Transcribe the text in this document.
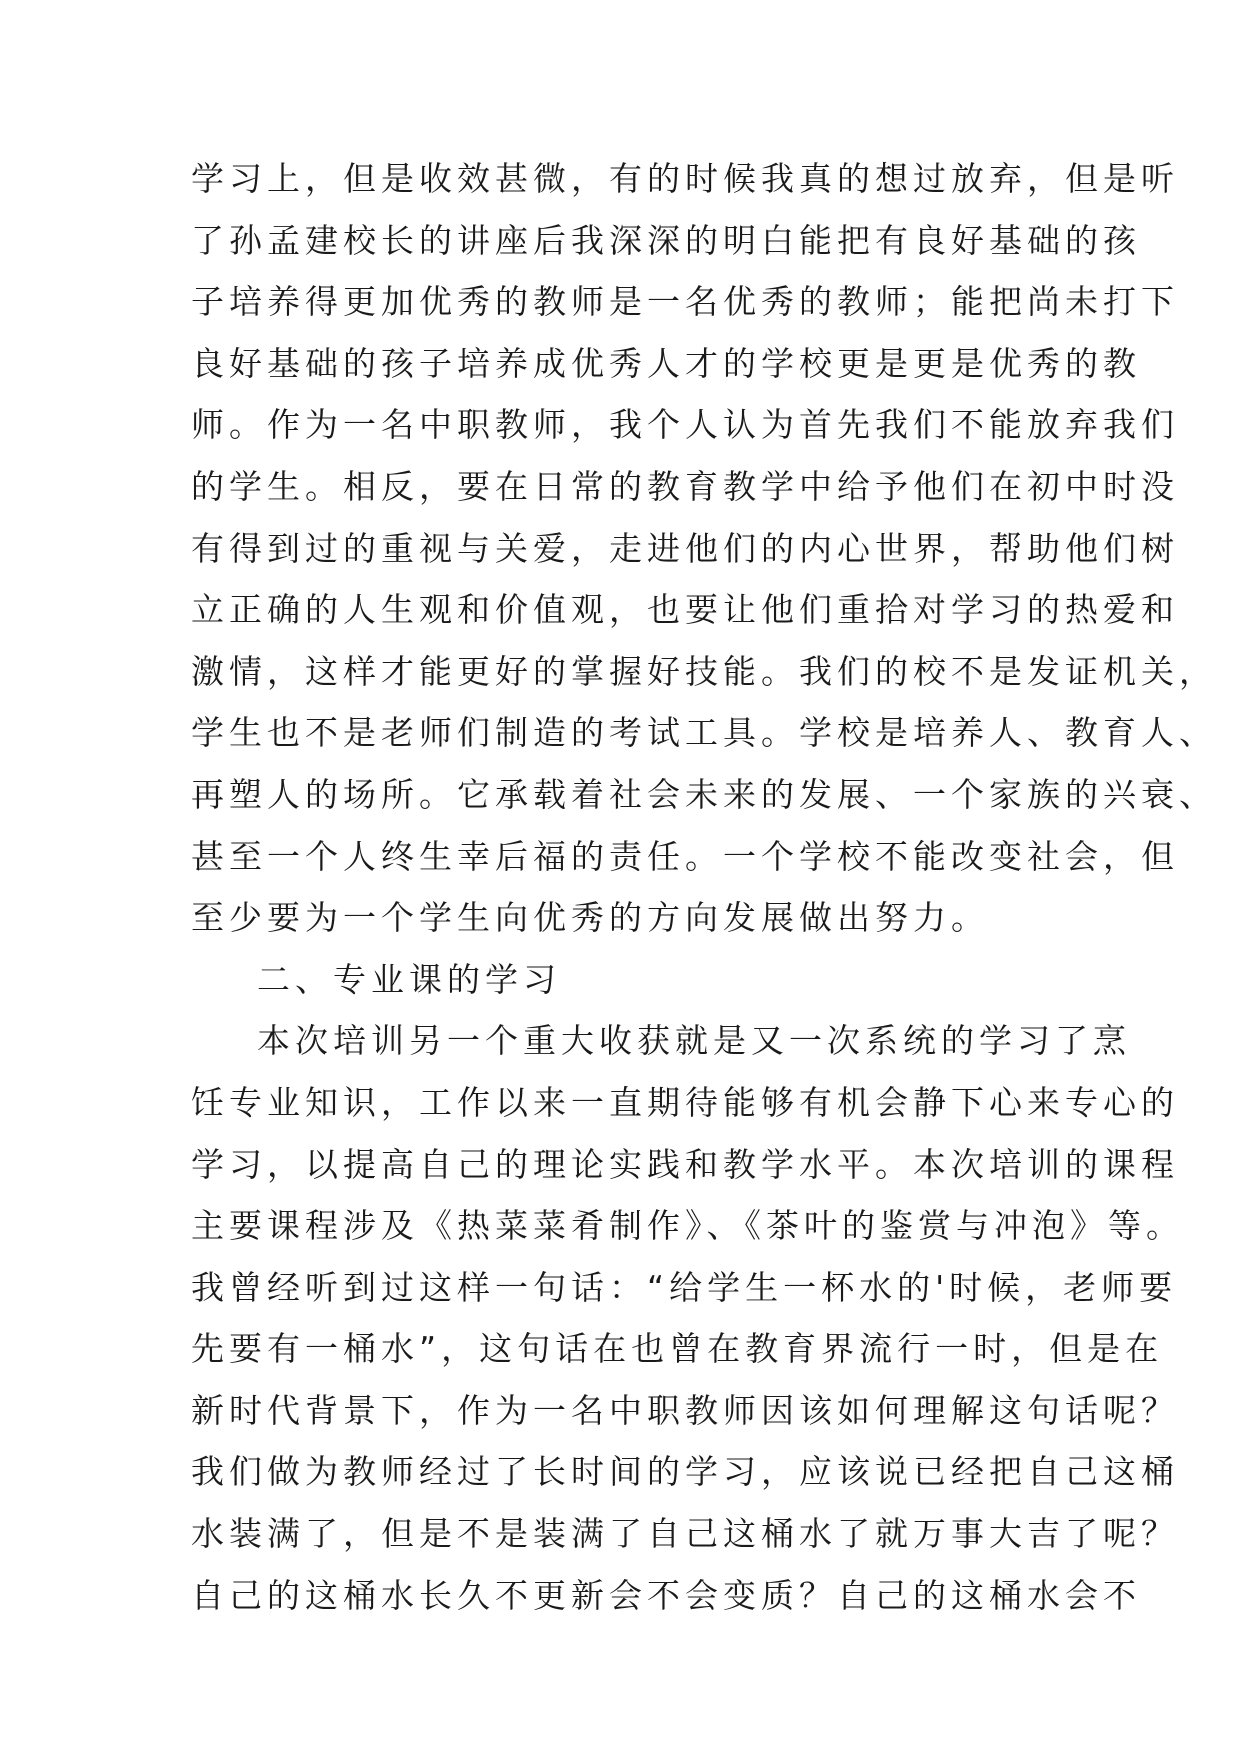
学习上，但是收效甚微，有的时候我真的想过放弃，但是听
了孙孟建校长的讲座后我深深的明白能把有良好基础的孩
子培养得更加优秀的教师是一名优秀的教师；能把尚未打下
良好基础的孩子培养成优秀人才的学校更是更是优秀的教
师。作为一名中职教师，我个人认为首先我们不能放弃我们
的学生。相反，要在日常的教育教学中给予他们在初中时没
有得到过的重视与关爱，走进他们的内心世界，帮助他们树
立正确的人生观和价值观，也要让他们重拾对学习的热爱和
激情，这样才能更好的掌握好技能。我们的校不是发证机关，
学生也不是老师们制造的考试工具。学校是培养人、教育人、
再塑人的场所。它承载着社会未来的发展、一个家族的兴衰、
甚至一个人终生幸后福的责任。一个学校不能改变社会，但
至少要为一个学生向优秀的方向发展做出努力。
二、专业课的学习
本次培训另一个重大收获就是又一次系统的学习了烹
饪专业知识，工作以来一直期待能够有机会静下心来专心的
学习，以提高自己的理论实践和教学水平。本次培训的课程
主要课程涉及《热菜菜肴制作》、《茶叶的鉴赏与冲泡》等。
我曾经听到过这样一句话：“给学生一杯水的'时候，老师要
先要有一桶水”，这句话在也曾在教育界流行一时，但是在
新时代背景下，作为一名中职教师因该如何理解这句话呢？
我们做为教师经过了长时间的学习，应该说已经把自己这桶
水装满了，但是不是装满了自己这桶水了就万事大吉了呢？
自己的这桶水长久不更新会不会变质？自己的这桶水会不
